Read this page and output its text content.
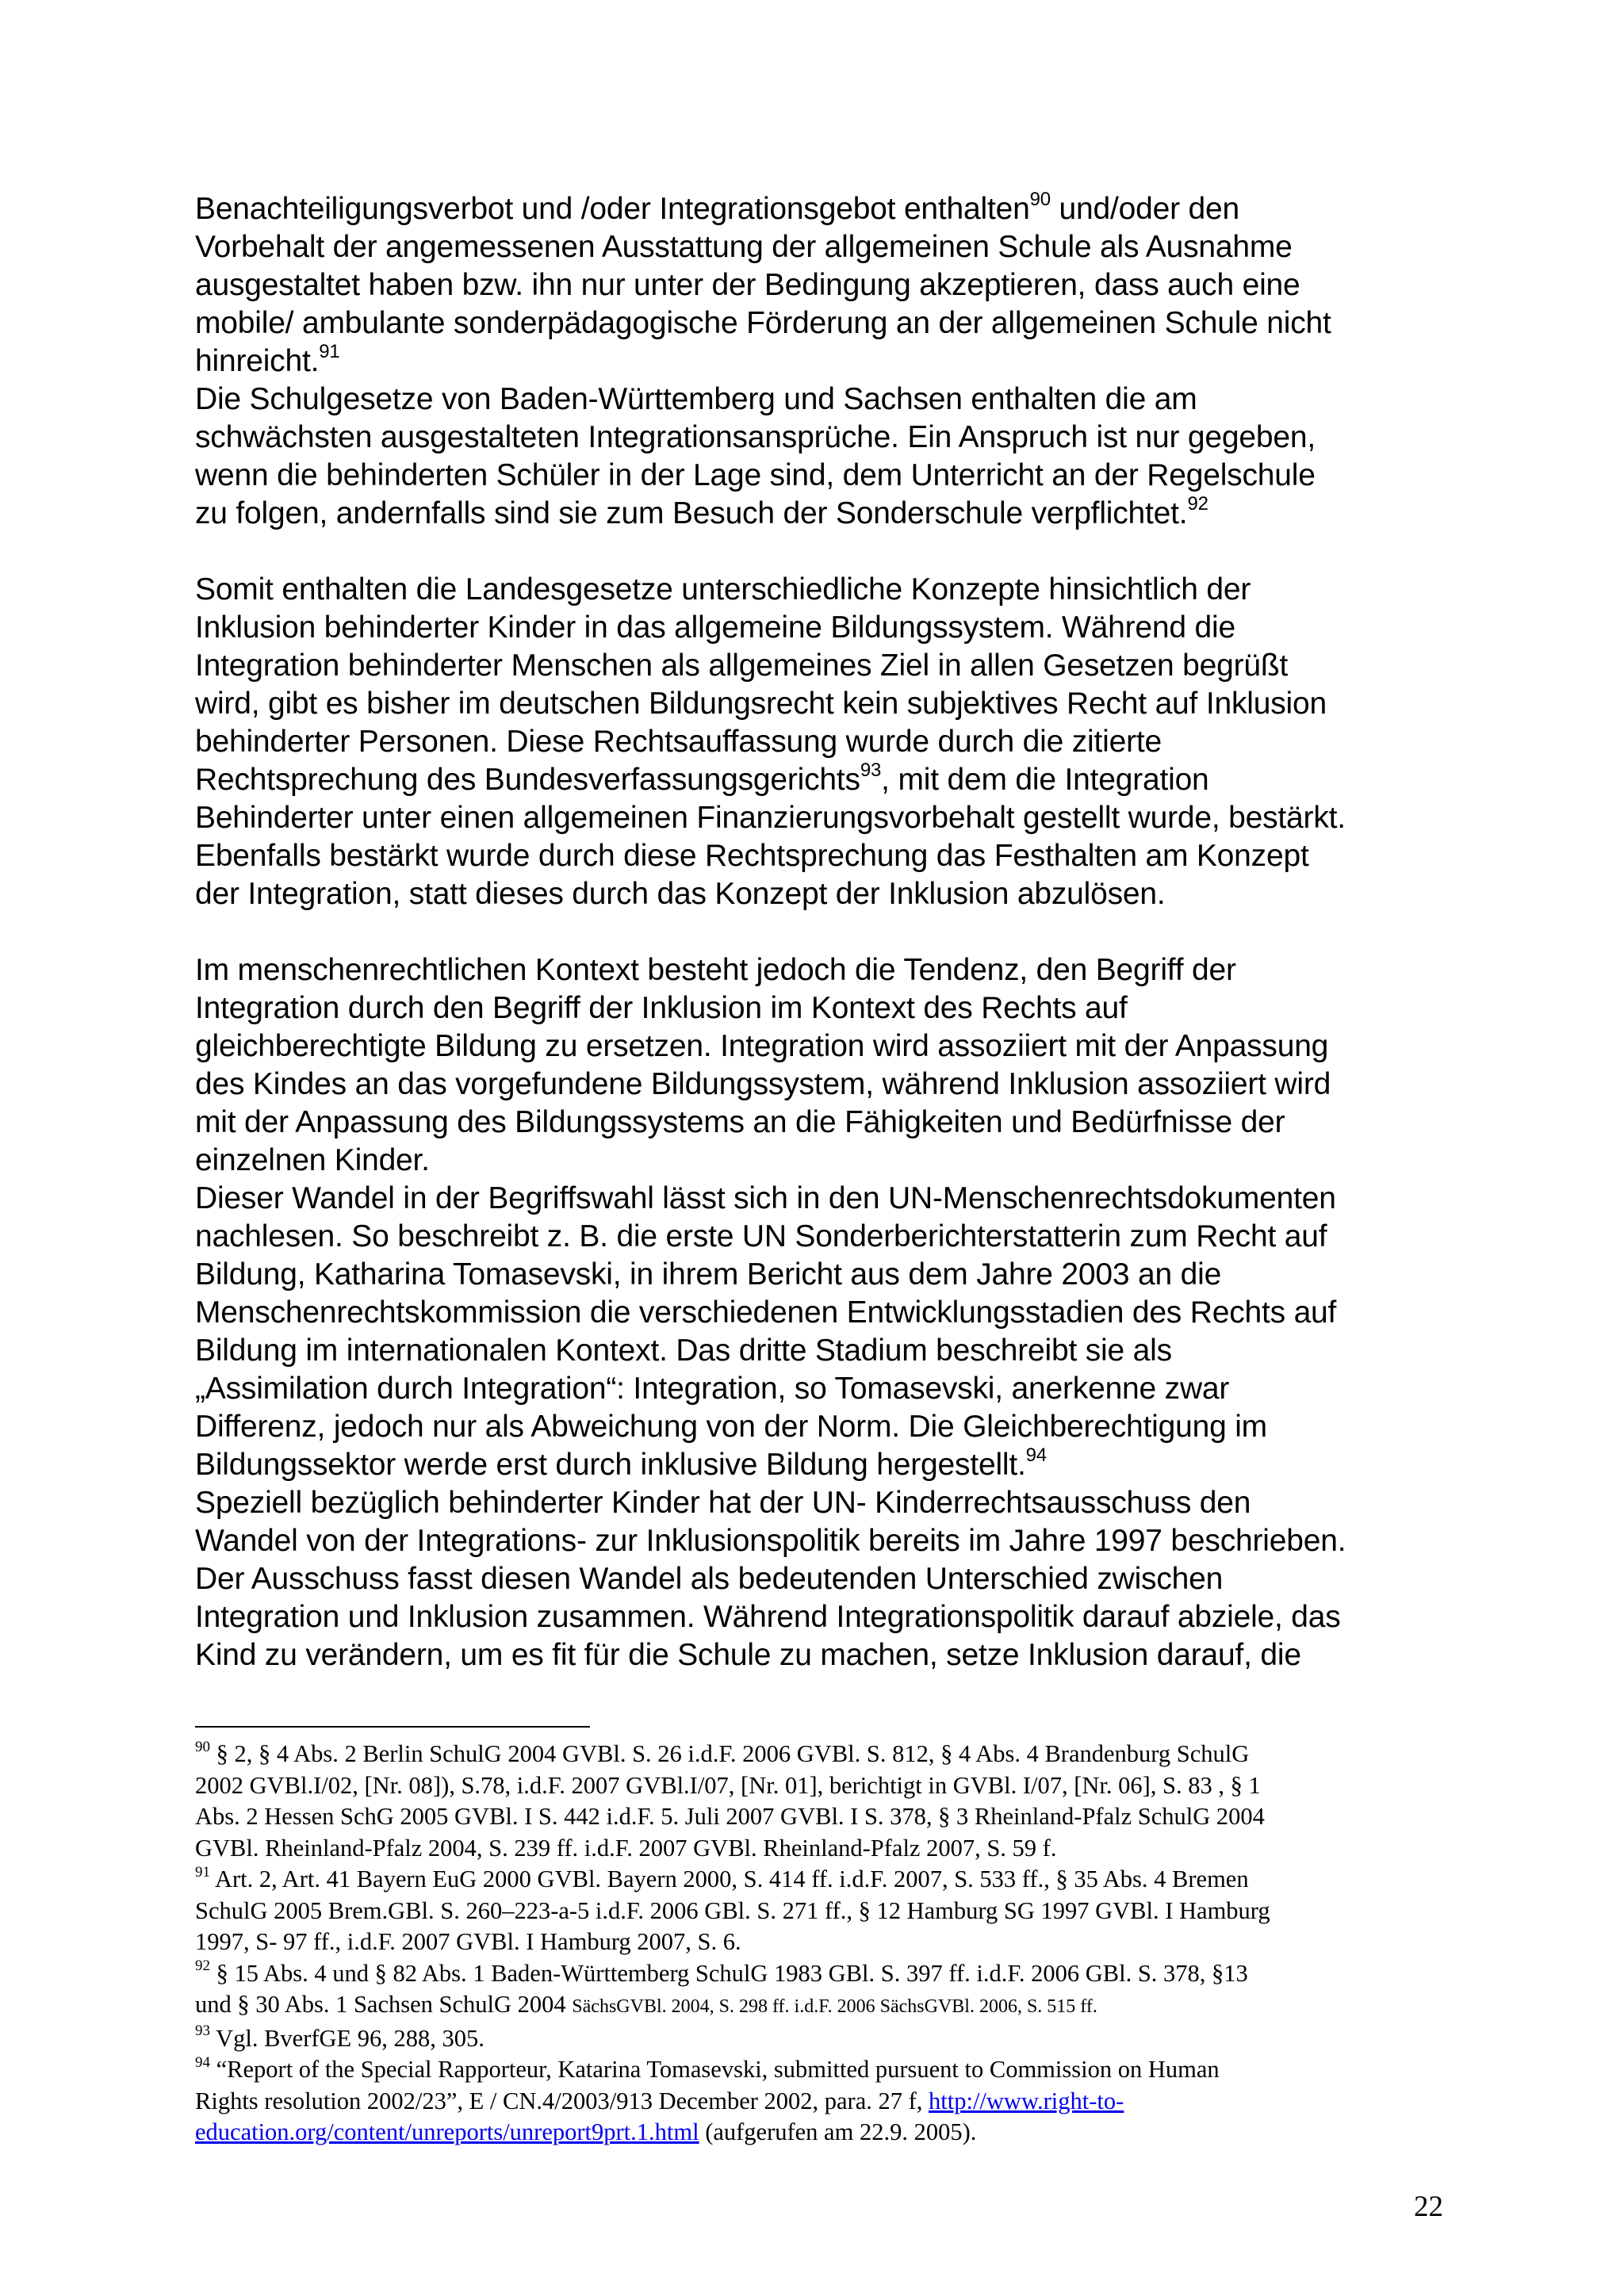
Benachteiligungsverbot und /oder Integrationsgebot enthalten$^{90}$ und/oder den
Vorbehalt der angemessenen Ausstattung der allgemeinen Schule als Ausnahme
ausgestaltet haben bzw. ihn nur unter der Bedingung akzeptieren, dass auch eine
mobile/ ambulante sonderpädagogische Förderung an der allgemeinen Schule nicht
hinreicht.$^{91}$
Die Schulgesetze von Baden-Württemberg und Sachsen enthalten die am
schwächsten ausgestalteten Integrationsansprüche. Ein Anspruch ist nur gegeben,
wenn die behinderten Schüler in der Lage sind, dem Unterricht an der Regelschule
zu folgen, andernfalls sind sie zum Besuch der Sonderschule verpflichtet.$^{92}$
Somit enthalten die Landesgesetze unterschiedliche Konzepte hinsichtlich der
Inklusion behinderter Kinder in das allgemeine Bildungssystem. Während die
Integration behinderter Menschen als allgemeines Ziel in allen Gesetzen begrüßt
wird, gibt es bisher im deutschen Bildungsrecht kein subjektives Recht auf Inklusion
behinderter Personen. Diese Rechtsauffassung wurde durch die zitierte
Rechtsprechung des Bundesverfassungsgerichts$^{93}$, mit dem die Integration
Behinderter unter einen allgemeinen Finanzierungsvorbehalt gestellt wurde, bestärkt.
Ebenfalls bestärkt wurde durch diese Rechtsprechung das Festhalten am Konzept
der Integration, statt dieses durch das Konzept der Inklusion abzulösen.
Im menschenrechtlichen Kontext besteht jedoch die Tendenz, den Begriff der
Integration durch den Begriff der Inklusion im Kontext des Rechts auf
gleichberechtigte Bildung zu ersetzen. Integration wird assoziiert mit der Anpassung
des Kindes an das vorgefundene Bildungssystem, während Inklusion assoziiert wird
mit der Anpassung des Bildungssystems an die Fähigkeiten und Bedürfnisse der
einzelnen Kinder.
Dieser Wandel in der Begriffswahl lässt sich in den UN-Menschenrechtsdokumenten
nachlesen. So beschreibt z. B. die erste UN Sonderberichterstatterin zum Recht auf
Bildung, Katharina Tomasevski, in ihrem Bericht aus dem Jahre 2003 an die
Menschenrechtskommission die verschiedenen Entwicklungsstadien des Rechts auf
Bildung im internationalen Kontext. Das dritte Stadium beschreibt sie als
„Assimilation durch Integration“: Integration, so Tomasevski, anerkenne zwar
Differenz, jedoch nur als Abweichung von der Norm. Die Gleichberechtigung im
Bildungssektor werde erst durch inklusive Bildung hergestellt.$^{94}$
Speziell bezüglich behinderter Kinder hat der UN- Kinderrechtsausschuss den
Wandel von der Integrations- zur Inklusionspolitik bereits im Jahre 1997 beschrieben.
Der Ausschuss fasst diesen Wandel als bedeutenden Unterschied zwischen
Integration und Inklusion zusammen. Während Integrationspolitik darauf abziele, das
Kind zu verändern, um es fit für die Schule zu machen, setze Inklusion darauf, die
$^{90}$ § 2, § 4 Abs. 2 Berlin SchulG 2004 GVBl. S. 26 i.d.F. 2006 GVBl. S. 812, § 4 Abs. 4 Brandenburg SchulG
2002 GVBl.I/02, [Nr. 08]), S.78, i.d.F. 2007 GVBl.I/07, [Nr. 01], berichtigt in GVBl. I/07, [Nr. 06], S. 83 , § 1
Abs. 2 Hessen SchG 2005 GVBl. I S. 442 i.d.F. 5. Juli 2007 GVBl. I S. 378, § 3 Rheinland-Pfalz SchulG 2004
GVBl. Rheinland-Pfalz 2004, S. 239 ff. i.d.F. 2007 GVBl. Rheinland-Pfalz 2007, S. 59 f.
$^{91}$ Art. 2, Art. 41 Bayern EuG 2000 GVBl. Bayern 2000, S. 414 ff. i.d.F. 2007, S. 533 ff., § 35 Abs. 4 Bremen
SchulG 2005 Brem.GBl. S. 260–223-a-5 i.d.F. 2006 GBl. S. 271 ff., § 12 Hamburg SG 1997 GVBl. I Hamburg
1997, S- 97 ff., i.d.F. 2007 GVBl. I Hamburg 2007, S. 6.
$^{92}$ § 15 Abs. 4 und § 82 Abs. 1 Baden-Württemberg SchulG 1983 GBl. S. 397 ff. i.d.F. 2006 GBl. S. 378, §13
und § 30 Abs. 1 Sachsen SchulG 2004 SächsGVBl. 2004, S. 298 ff. i.d.F. 2006 SächsGVBl. 2006, S. 515 ff.
$^{93}$ Vgl. BverfGE 96, 288, 305.
$^{94}$ “Report of the Special Rapporteur, Katarina Tomasevski, submitted pursuent to Commission on Human
Rights resolution 2002/23”, E / CN.4/2003/913 December 2002, para. 27 f, http://www.right-to-
education.org/content/unreports/unreport9prt.1.html (aufgerufen am 22.9. 2005).
22
